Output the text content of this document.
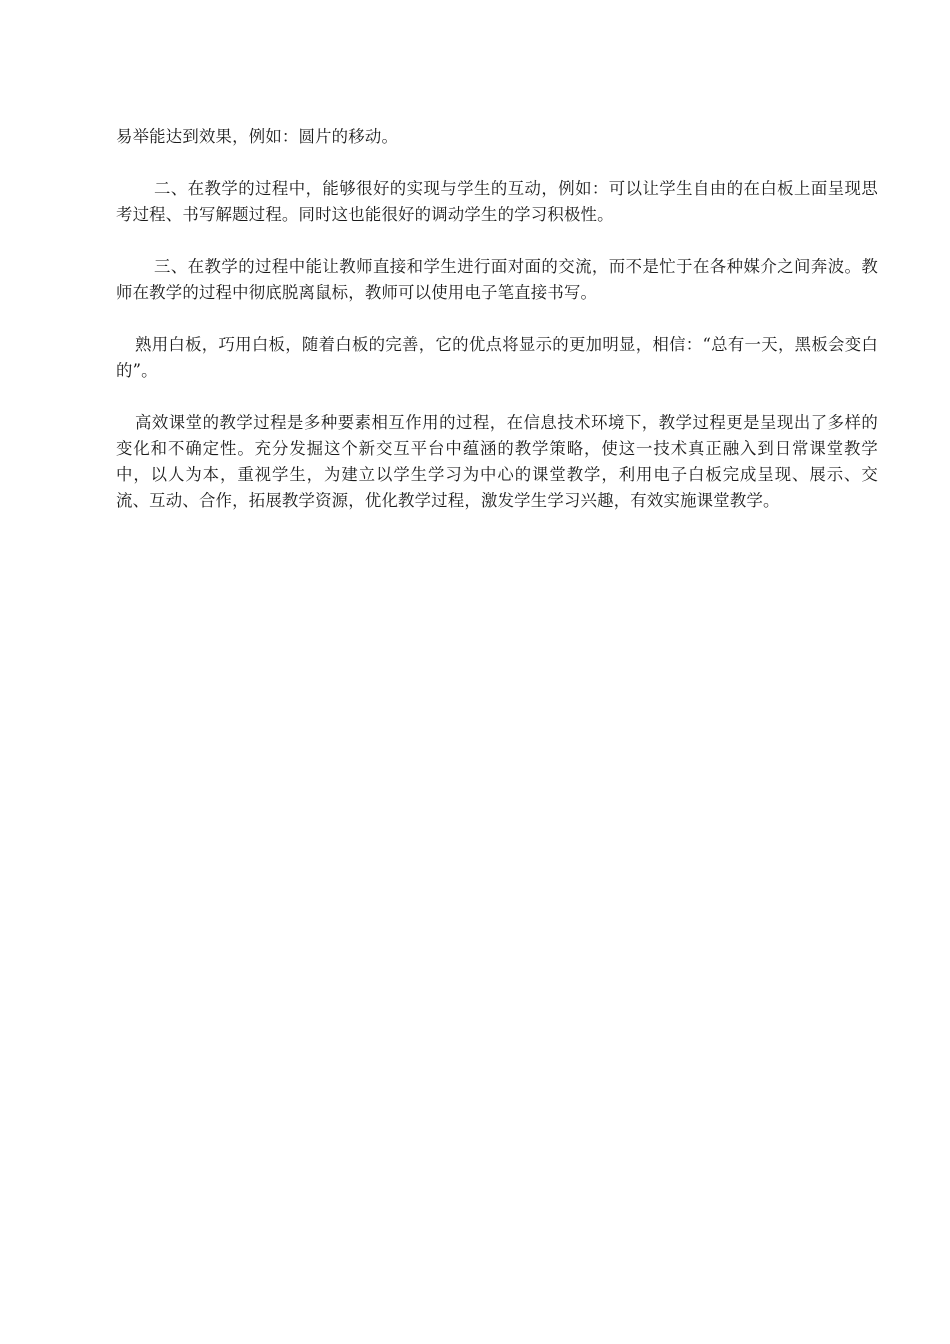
易举能达到效果，例如：圆片的移动。

二、在教学的过程中，能够很好的实现与学生的互动，例如：可以让学生自由的在白板上面呈现思考过程、书写解题过程。同时这也能很好的调动学生的学习积极性。

三、在教学的过程中能让教师直接和学生进行面对面的交流，而不是忙于在各种媒介之间奔波。教师在教学的过程中彻底脱离鼠标，教师可以使用电子笔直接书写。

熟用白板，巧用白板，随着白板的完善，它的优点将显示的更加明显，相信：“总有一天，黑板会变白的”。

高效课堂的教学过程是多种要素相互作用的过程，在信息技术环境下，教学过程更是呈现出了多样的变化和不确定性。充分发掘这个新交互平台中蕴涵的教学策略，使这一技术真正融入到日常课堂教学中，以人为本，重视学生，为建立以学生学习为中心的课堂教学，利用电子白板完成呈现、展示、交流、互动、合作，拓展教学资源，优化教学过程，激发学生学习兴趣，有效实施课堂教学。
